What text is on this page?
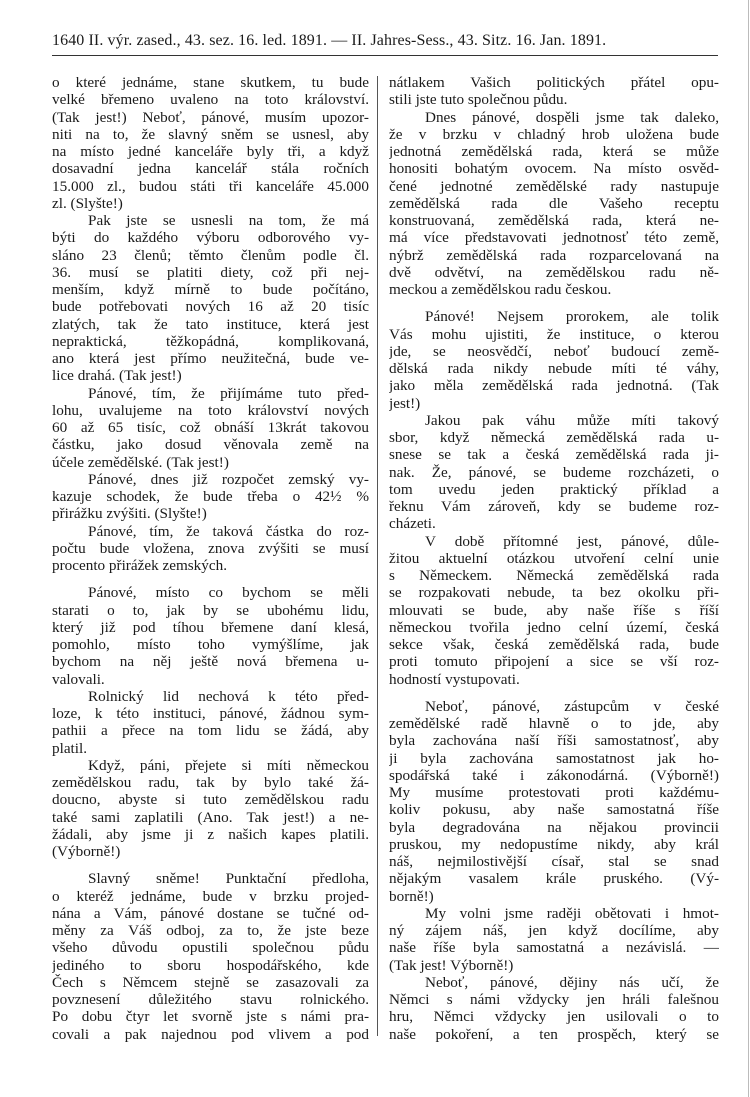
1640 II. výr. zased., 43. sez. 16. led. 1891. — II. Jahres-Sess., 43. Sitz. 16. Jan. 1891.
o které jednáme, stane skutkem, tu bude
velké břemeno uvaleno na toto království.
(Tak jest!) Neboť, pánové, musím upozor-
niti na to, že slavný sněm se usnesl, aby
na místo jedné kanceláře byly tři, a když
dosavadní jedna kancelář stála ročních
15.000 zl., budou státi tři kanceláře 45.000
zl. (Slyšte!)
Pak jste se usnesli na tom, že má
býti do každého výboru odborového vy-
sláno 23 členů; těmto členům podle čl.
36. musí se platiti diety, což při nej-
menším, když mírně to bude počítáno,
bude potřebovati nových 16 až 20 tisíc
zlatých, tak že tato instituce, která jest
nepraktická, těžkopádná, komplikovaná,
ano která jest přímo neužitečná, bude ve-
lice drahá. (Tak jest!)
Pánové, tím, že přijímáme tuto před-
lohu, uvalujeme na toto království nových
60 až 65 tisíc, což obnáší 13krát takovou
částku, jako dosud věnovala země na
účele zemědělské. (Tak jest!)
Pánové, dnes již rozpočet zemský vy-
kazuje schodek, že bude třeba o 42½ %
přirážku zvýšiti. (Slyšte!)
Pánové, tím, že taková částka do roz-
počtu bude vložena, znova zvýšiti se musí
procento přirážek zemských.
Pánové, místo co bychom se měli
starati o to, jak by se ubohému lidu,
který již pod tíhou břemene daní klesá,
pomohlo, místo toho vymýšlíme, jak
bychom na něj ještě nová břemena u-
valovali.
Rolnický lid nechová k této před-
loze, k této instituci, pánové, žádnou sym-
pathii a přece na tom lidu se žádá, aby
platil.
Když, páni, přejete si míti německou
zemědělskou radu, tak by bylo také žá-
doucno, abyste si tuto zemědělskou radu
také sami zaplatili (Ano. Tak jest!) a ne-
žádali, aby jsme ji z našich kapes platili.
(Výborně!)
Slavný sněme! Punktační předloha,
o kteréž jednáme, bude v brzku projed-
nána a Vám, pánové dostane se tučné od-
měny za Váš odboj, za to, že jste beze
všeho důvodu opustili společnou půdu
jediného to sboru hospodářského, kde
Čech s Němcem stejně se zasazovali za
povznesení důležitého stavu rolnického.
Po dobu čtyr let svorně jste s námi pra-
covali a pak najednou pod vlivem a pod
nátlakem Vašich politických přátel opu-
stili jste tuto společnou půdu.
Dnes pánové, dospěli jsme tak daleko,
že v brzku v chladný hrob uložena bude
jednotná zemědělská rada, která se může
honositi bohatým ovocem. Na místo osvěd-
čené jednotné zemědělské rady nastupuje
zemědělská rada dle Vašeho receptu
konstruovaná, zemědělská rada, která ne-
má více představovati jednotnosť této země,
nýbrž zemědělská rada rozparcelovaná na
dvě odvětví, na zemědělskou radu ně-
meckou a zemědělskou radu českou.
Pánové! Nejsem prorokem, ale tolik
Vás mohu ujistiti, že instituce, o kterou
jde, se neosvědčí, neboť budoucí země-
dělská rada nikdy nebude míti té váhy,
jako měla zemědělská rada jednotná. (Tak
jest!)
Jakou pak váhu může míti takový
sbor, když německá zemědělská rada u-
snese se tak a česká zemědělská rada ji-
nak. Že, pánové, se budeme rozcházeti, o
tom uvedu jeden praktický příklad a
řeknu Vám zároveň, kdy se budeme roz-
cházeti.
V době přítomné jest, pánové, důle-
žitou aktuelní otázkou utvoření celní unie
s Německem. Německá zemědělská rada
se rozpakovati nebude, ta bez okolku při-
mlouvati se bude, aby naše říše s říší
německou tvořila jedno celní území, česká
sekce však, česká zemědělská rada, bude
proti tomuto připojení a sice se vší roz-
hodností vystupovati.
Neboť, pánové, zástupcům v české
zemědělské radě hlavně o to jde, aby
byla zachována naší říši samostatnosť, aby
ji byla zachována samostatnost jak ho-
spodářská také i zákonodárná. (Výborně!)
My musíme protestovati proti každému-
koliv pokusu, aby naše samostatná říše
byla degradována na nějakou provincii
pruskou, my nedopustíme nikdy, aby král
náš, nejmilostivější císař, stal se snad
nějakým vasalem krále pruského. (Vý-
borně!)
My volni jsme raději obětovati i hmot-
ný zájem náš, jen když docílíme, aby
naše říše byla samostatná a nezávislá. —
(Tak jest! Výborně!)
Neboť, pánové, dějiny nás učí, že
Němci s námi vždycky jen hráli falešnou
hru, Němci vždycky jen usilovali o to
naše pokoření, a ten prospěch, který se
